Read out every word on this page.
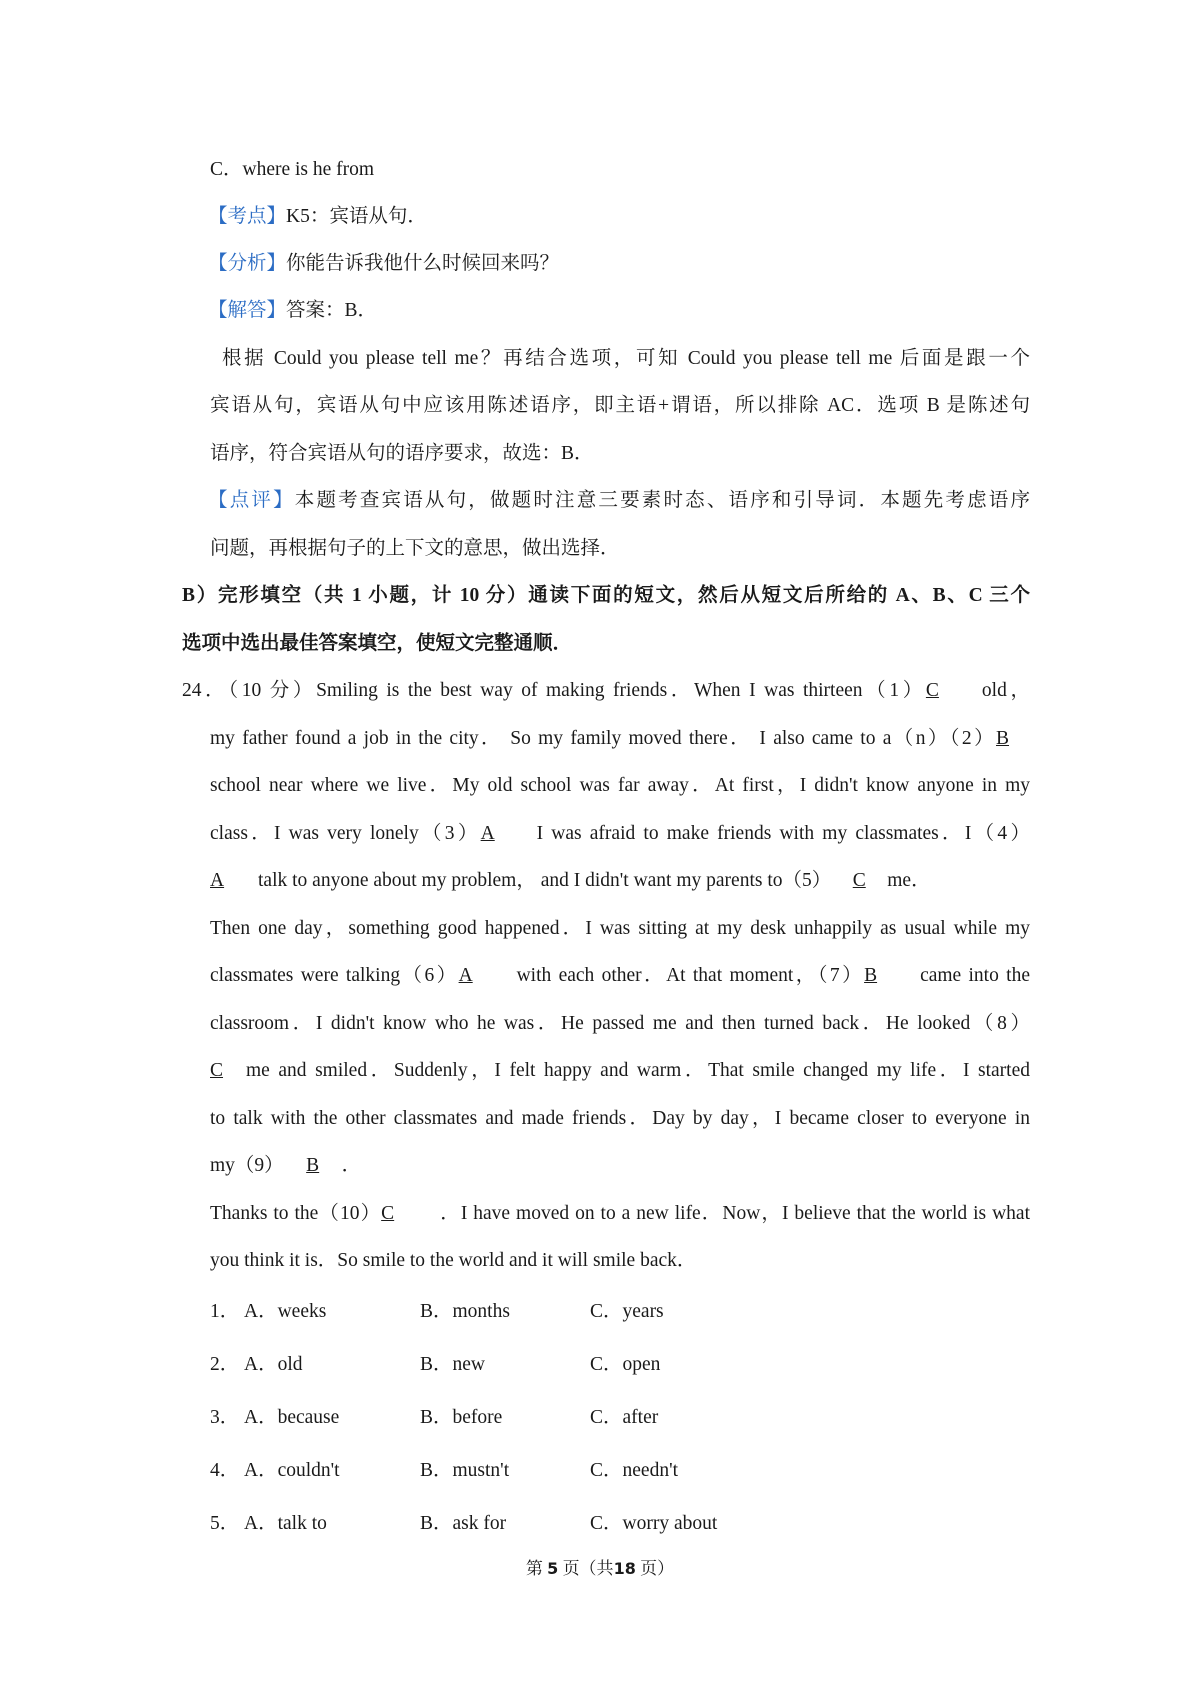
C．where is he from
【考点】K5：宾语从句．
【分析】你能告诉我他什么时候回来吗？
【解答】答案：B．
根据 Could you please tell me？再结合选项，可知 Could you please tell me 后面是跟一个
宾语从句，宾语从句中应该用陈述语序，即主语+谓语，所以排除 AC．选项 B 是陈述句
语序，符合宾语从句的语序要求，故选：B．
【点评】本题考查宾语从句，做题时注意三要素时态、语序和引导词．本题先考虑语序
问题，再根据句子的上下文的意思，做出选择．
B）完形填空（共 1 小题，计 10 分）通读下面的短文，然后从短文后所给的 A、B、C 三个
选项中选出最佳答案填空，使短文完整通顺．
24．（10 分）Smiling is the best way of making friends．When I was thirteen（1）C old，
my father found a job in the city． So my family moved there． I also came to a（n）（2）B
school near where we live．My old school was far away．At first，I didn't know anyone in my
class．I was very lonely（3）A I was afraid to make friends with my classmates．I（4）
A talk to anyone about my problem， and I didn't want my parents to（5） C me．
Then one day，something good happened．I was sitting at my desk unhappily as usual while my
classmates were talking（6）A with each other．At that moment，（7）B came into the
classroom．I didn't know who he was．He passed me and then turned back．He looked（8）
C me and smiled．Suddenly，I felt happy and warm．That smile changed my life．I started
to talk with the other classmates and made friends．Day by day，I became closer to everyone in
my（9） B ．
Thanks to the（10）C ．I have moved on to a new life．Now，I believe that the world is what
you think it is．So smile to the world and it will smile back．
1． A．weeks	B．months	C．years
2． A．old	B．new	C．open
3． A．because	B．before	C．after
4． A．couldn't	B．mustn't	C．needn't
5． A．talk to	B．ask for	C．worry about
第 5 页（共18 页）
